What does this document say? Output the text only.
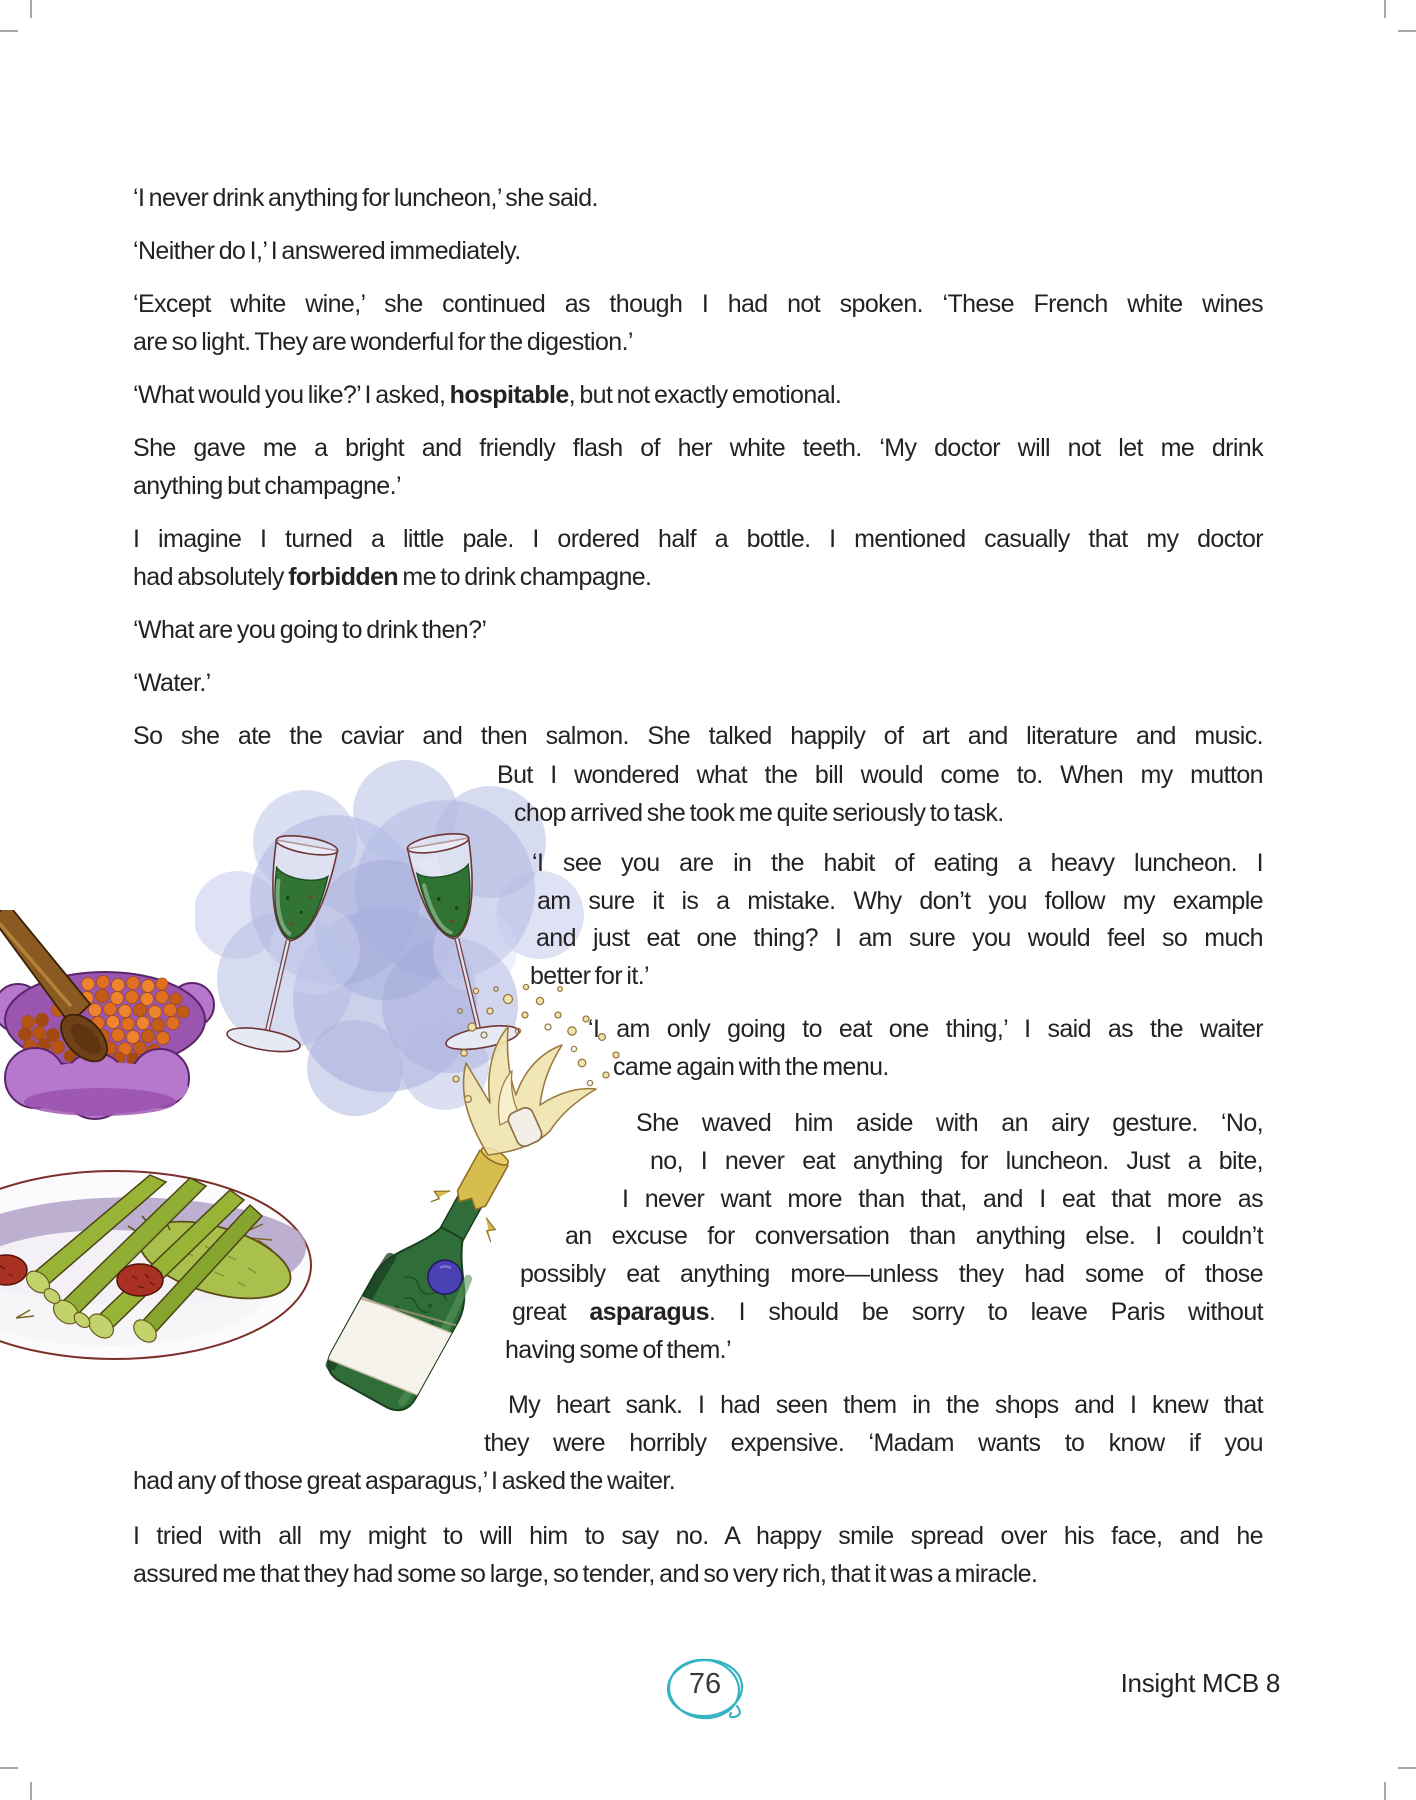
‘I never drink anything for luncheon,’ she said.
‘Neither do I,’ I answered immediately.
‘Except white wine,’ she continued as though I had not spoken. ‘These French white wines
are so light. They are wonderful for the digestion.’
‘What would you like?’ I asked, hospitable, but not exactly emotional.
She gave me a bright and friendly flash of her white teeth. ‘My doctor will not let me drink
anything but champagne.’
I imagine I turned a little pale. I ordered half a bottle. I mentioned casually that my doctor
had absolutely forbidden me to drink champagne.
‘What are you going to drink then?’
‘Water.’
So she ate the caviar and then salmon. She talked happily of art and literature and music.
But I wondered what the bill would come to. When my mutton
chop arrived she took me quite seriously to task.
‘I see you are in the habit of eating a heavy luncheon. I
am sure it is a mistake. Why don’t you follow my example
and just eat one thing? I am sure you would feel so much
better for it.’
‘I am only going to eat one thing,’ I said as the waiter
came again with the menu.
She waved him aside with an airy gesture. ‘No,
no, I never eat anything for luncheon. Just a bite,
I never want more than that, and I eat that more as
an excuse for conversation than anything else. I couldn’t
possibly eat anything more—unless they had some of those
great asparagus. I should be sorry to leave Paris without
having some of them.’
My heart sank. I had seen them in the shops and I knew that
they were horribly expensive. ‘Madam wants to know if you
had any of those great asparagus,’ I asked the waiter.
I tried with all my might to will him to say no. A happy smile spread over his face, and he
assured me that they had some so large, so tender, and so very rich, that it was a miracle.
76	Insight MCB 8
